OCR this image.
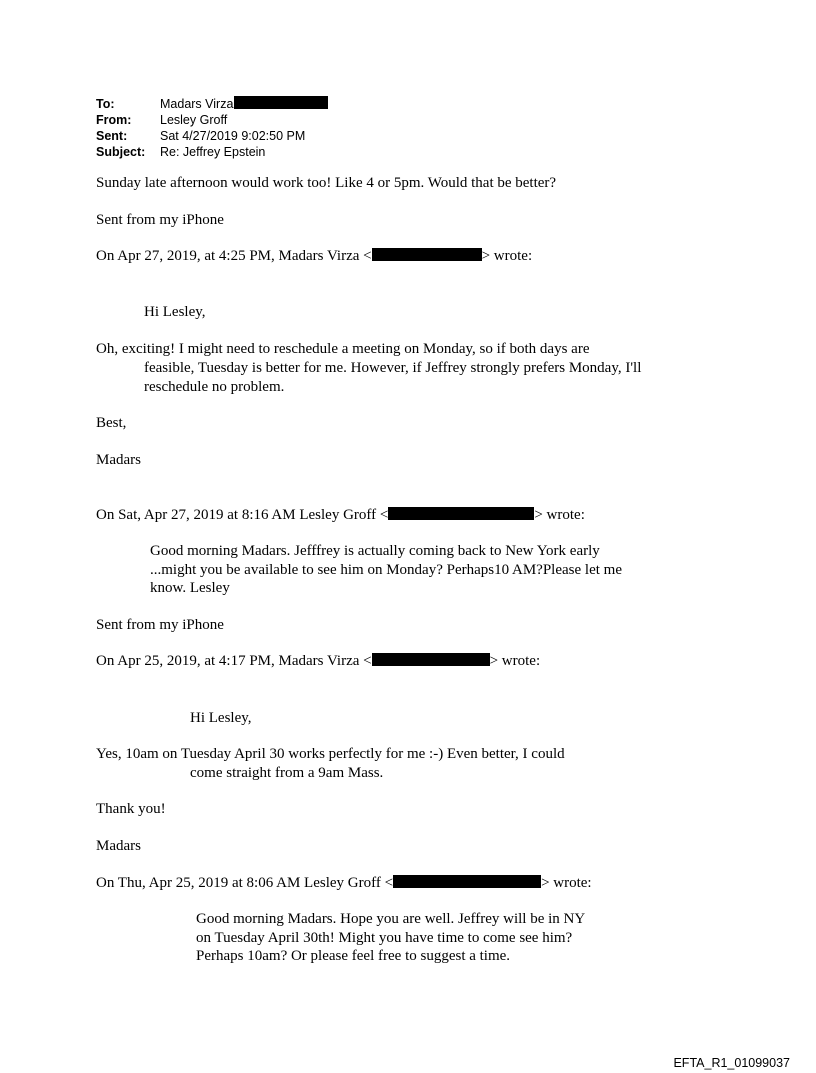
To:	Madars Virza
From: Lesley Groff
Sent:	Sat 4/27/2019 9:02:50 PM
Subject: Re: Jeffrey Epstein
Sunday late afternoon would work too! Like 4 or 5pm. Would that be better?
Sent from my iPhone
On Apr 27, 2019, at 4:25 PM, Madars Virza <	> wrote:
Hi Lesley,
Oh, exciting! I might need to reschedule a meeting on Monday, so if both days are
feasible, Tuesday is better for me. However, if Jeffrey strongly prefers Monday, I'll
reschedule no problem.
Best,
Madars
On Sat, Apr 27, 2019 at 8:16 AM Lesley Groff <	> wrote:
Good morning Madars. Jefffrey is actually coming back to New York early
...might you be available to see him on Monday? Perhaps10 AM?Please let me
know. Lesley
Sent from my iPhone
On Apr 25, 2019, at 4:17 PM, Madars Virza <	> wrote:
Hi Lesley,
Yes, 10am on Tuesday April 30 works perfectly for me :-) Even better, I could
come straight from a 9am Mass.
Thank you!
Madars
On Thu, Apr 25, 2019 at 8:06 AM Lesley Groff <	> wrote:
Good morning Madars. Hope you are well. Jeffrey will be in NY
on Tuesday April 30th! Might you have time to come see him?
Perhaps 10am? Or please feel free to suggest a time.
EFTA_R1_01099037
